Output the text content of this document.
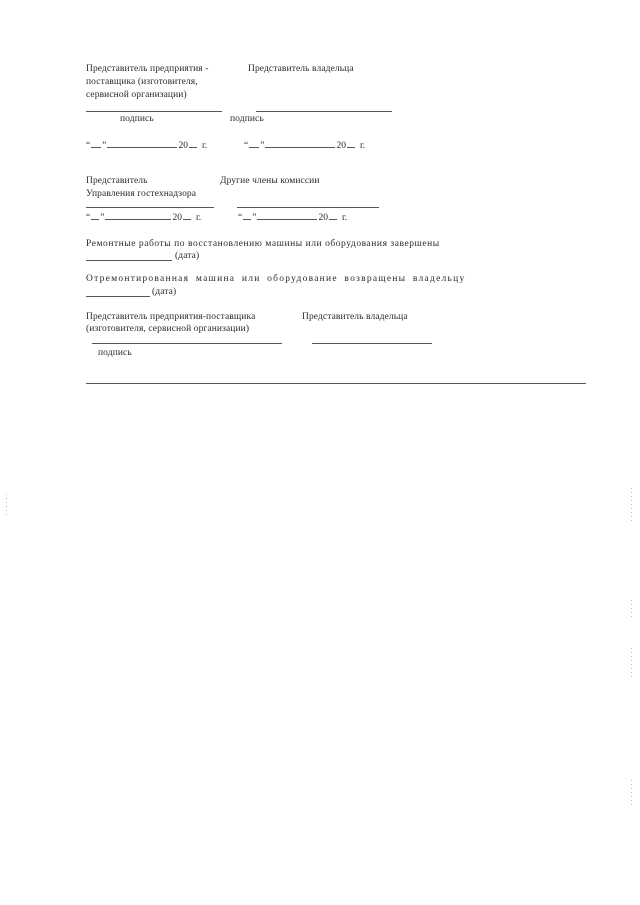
Представитель предприятия -
поставщика (изготовителя,
сервисной организации)
Представитель владельца
подпись	подпись
“ ”	20 г.	“ ”	20 г.
Представитель
Управления гостехнадзора
Другие члены комиссии
“ ”	20 г.	“ ”	20 г.
Ремонтные работы по восстановлению машины или оборудования завершены
(дата)
Отремонтированная машина или оборудование возвращены владельцу
(дата)
Представитель предприятия-поставщика
(изготовителя, сервисной организации)
Представитель владельца
подпись
